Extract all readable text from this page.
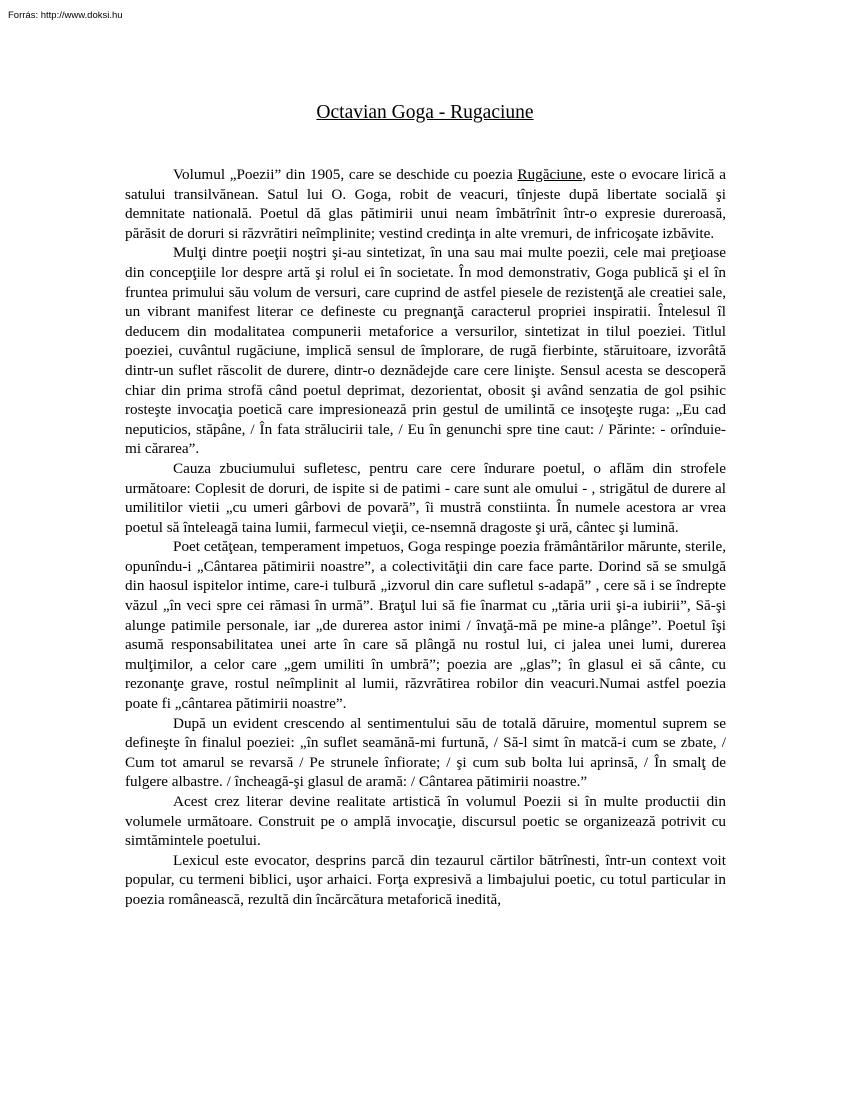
Forrás: http://www.doksi.hu
Octavian Goga - Rugaciune

Volumul „Poezii” din 1905, care se deschide cu poezia Rugăciune, este o evocare lirică a satului transilvănean. Satul lui O. Goga, robit de veacuri, tînjeste după libertate socială şi demnitate natională. Poetul dă glas pătimirii unui neam îmbătrînit într-o expresie dureroasă, părăsit de doruri si răzvrătiri neîmplinite; vestind credinţa in alte vremuri, de infricoşate izbăvite.

Mulţi dintre poeţii noştri şi-au sintetizat, în una sau mai multe poezii, cele mai preţioase din concepţiile lor despre artă şi rolul ei în societate. În mod demonstrativ, Goga publică şi el în fruntea primului său volum de versuri, care cuprind de astfel piesele de rezistenţă ale creatiei sale, un vibrant manifest literar ce defineste cu pregnanţă caracterul propriei inspiratii. Întelesul îl deducem din modalitatea compunerii metaforice a versurilor, sintetizat in tilul poeziei. Titlul poeziei, cuvântul rugăciune, implică sensul de împlorare, de rugă fierbinte, stăruitoare, izvorâtă dintr-un suflet răscolit de durere, dintr-o deznădejde care cere linişte. Sensul acesta se descoperă chiar din prima strofă când poetul deprimat, dezorientat, obosit şi având senzatia de gol psihic rosteşte invocaţia poetică care impresionează prin gestul de umilintă ce insoţeşte ruga: „Eu cad neputicios, stăpâne, / În fata strălucirii tale, / Eu în genunchi spre tine caut: / Părinte: - orînduie- mi cărarea”.

Cauza zbuciumului sufletesc, pentru care cere îndurare poetul, o aflăm din strofele următoare: Coplesit de doruri, de ispite si de patimi - care sunt ale omului - , strigătul de durere al umilitilor vietii „cu umeri gârbovi de povară”, îi mustră constiinta. În numele acestora ar vrea poetul să înteleagă taina lumii, farmecul vieţii, ce-nsemnă dragoste şi ură, cântec şi lumină.

Poet cetăţean, temperament impetuos, Goga respinge poezia frământărilor mărunte, sterile, opunîndu-i „Cântarea pătimirii noastre”, a colectivităţii din care face parte. Dorind să se smulgă din haosul ispitelor intime, care-i tulbură „izvorul din care sufletul s-adapă” , cere să i se îndrepte văzul „în veci spre cei rămasi în urmă”. Braţul lui să fie înarmat cu „tăria urii şi-a iubirii”, Să-şi alunge patimile personale, iar „de durerea astor inimi / învaţă-mă pe mine-a plânge”. Poetul îşi asumă responsabilitatea unei arte în care să plângă nu rostul lui, ci jalea unei lumi, durerea mulţimilor, a celor care „gem umiliti în umbră”; poezia are „glas”; în glasul ei să cânte, cu rezonanţe grave, rostul neîmplinit al lumii, răzvrătirea robilor din veacuri.Numai astfel poezia poate fi „cântarea pătimirii noastre”.

După un evident crescendo al sentimentului său de totală dăruire, momentul suprem se defineşte în finalul poeziei: „în suflet seamănă-mi furtună, / Să-l simt în matcă-i cum se zbate, / Cum tot amarul se revarsă / Pe strunele înfiorate; / şi cum sub bolta lui aprinsă, / În smalţ de fulgere albastre. / încheagă-şi glasul de aramă: / Cântarea pătimirii noastre.”

Acest crez literar devine realitate artistică în volumul Poezii si în multe productii din volumele următoare. Construit pe o amplă invocaţie, discursul poetic se organizează potrivit cu simtămintele poetului.

Lexicul este evocator, desprins parcă din tezaurul cărtilor bătrînesti, într-un context voit popular, cu termeni biblici, uşor arhaici. Forţa expresivă a limbajului poetic, cu totul particular in poezia românească, rezultă din încărcătura metaforică inedită,
